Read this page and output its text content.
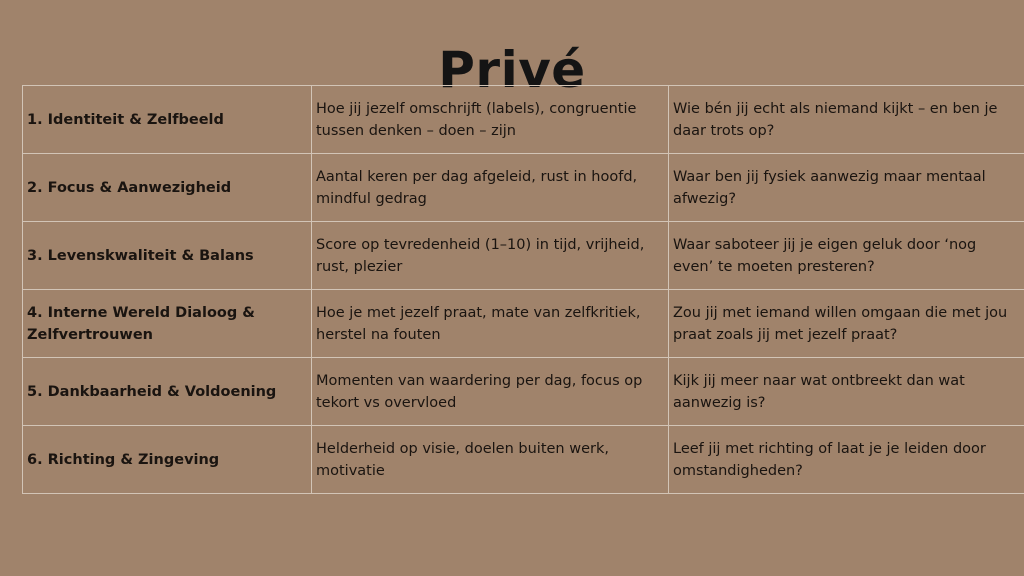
Privé
1. Identiteit & Zelfbeeld	Hoe jij jezelf omschrijft (labels), congruentie tussen denken – doen – zijn	Wie bén jij echt als niemand kijkt – en ben je daar trots op?
2. Focus & Aanwezigheid	Aantal keren per dag afgeleid, rust in hoofd, mindful gedrag	Waar ben jij fysiek aanwezig maar mentaal afwezig?
3. Levenskwaliteit & Balans	Score op tevredenheid (1–10) in tijd, vrijheid, rust, plezier	Waar saboteer jij je eigen geluk door ‘nog even’ te moeten presteren?
4. Interne Wereld Dialoog & Zelfvertrouwen	Hoe je met jezelf praat, mate van zelfkritiek, herstel na fouten	Zou jij met iemand willen omgaan die met jou praat zoals jij met jezelf praat?
5. Dankbaarheid & Voldoening	Momenten van waardering per dag, focus op tekort vs overvloed	Kijk jij meer naar wat ontbreekt dan wat aanwezig is?
6. Richting & Zingeving	Helderheid op visie, doelen buiten werk, motivatie	Leef jij met richting of laat je je leiden door omstandigheden?
